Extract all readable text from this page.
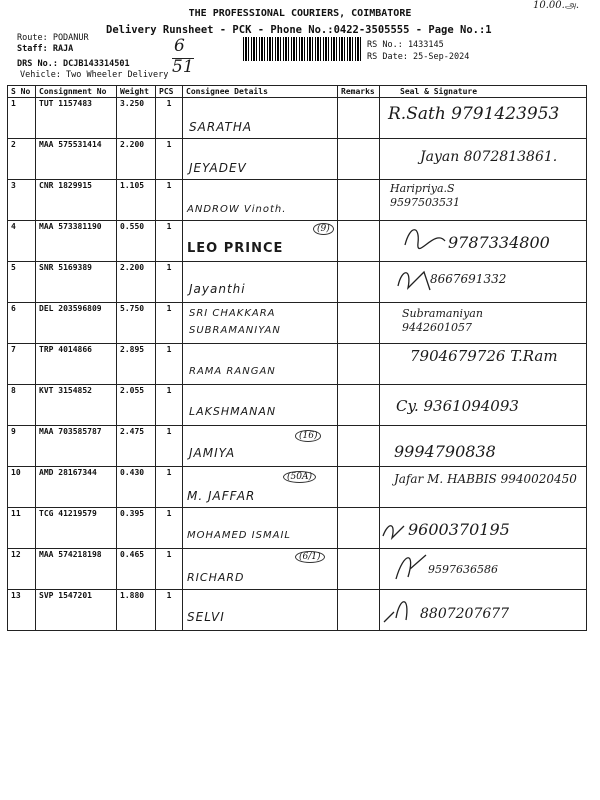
10.00.அ.
THE PROFESSIONAL COURIERS, COIMBATORE
Delivery Runsheet - PCK - Phone No.:0422-3505555 - Page No.:1
Route: PODANUR
Staff: RAJA
DRS No.: DCJB143314501
Vehicle: Two Wheeler Delivery
6
51
RS No.: 1433145
RS Date: 25-Sep-2024
S No	Consignment No	Weight	PCS	Consignee Details	Remarks	Seal & Signature
1	TUT 1157483	3.250	1	SARATHA		R.Sath 9791423953

2	MAA 575531414	2.200	1	JEYADEV		Jayan 8072813861.

3	CNR 1829915	1.105	1	ANDROW Vinoth.		Haripriya.S 9597503531

4	MAA 573381190	0.550	1	(9)
LEO PRINCE		9787334800

5	SNR 5169389	2.200	1	Jayanthi		8667691332

6	DEL 203596809	5.750	1	SRI CHAKKARA SUBRAMANIYAN		Subramaniyan 9442601057

7	TRP 4014866	2.895	1	RAMA RANGAN		7904679726 T.Ram

8	KVT 3154852	2.055	1	LAKSHMANAN		Cy. 9361094093

9	MAA 703585787	2.475	1	(16)
JAMIYA		9994790838

10	AMD 28167344	0.430	1	(50A)
M. JAFFAR		Jafar M. HABBIS 9940020450

11	TCG 41219579	0.395	1	MOHAMED ISMAIL		9600370195

12	MAA 574218198	0.465	1	(6/1)
RICHARD		9597636586

13	SVP 1547201	1.880	1	SELVI		8807207677
